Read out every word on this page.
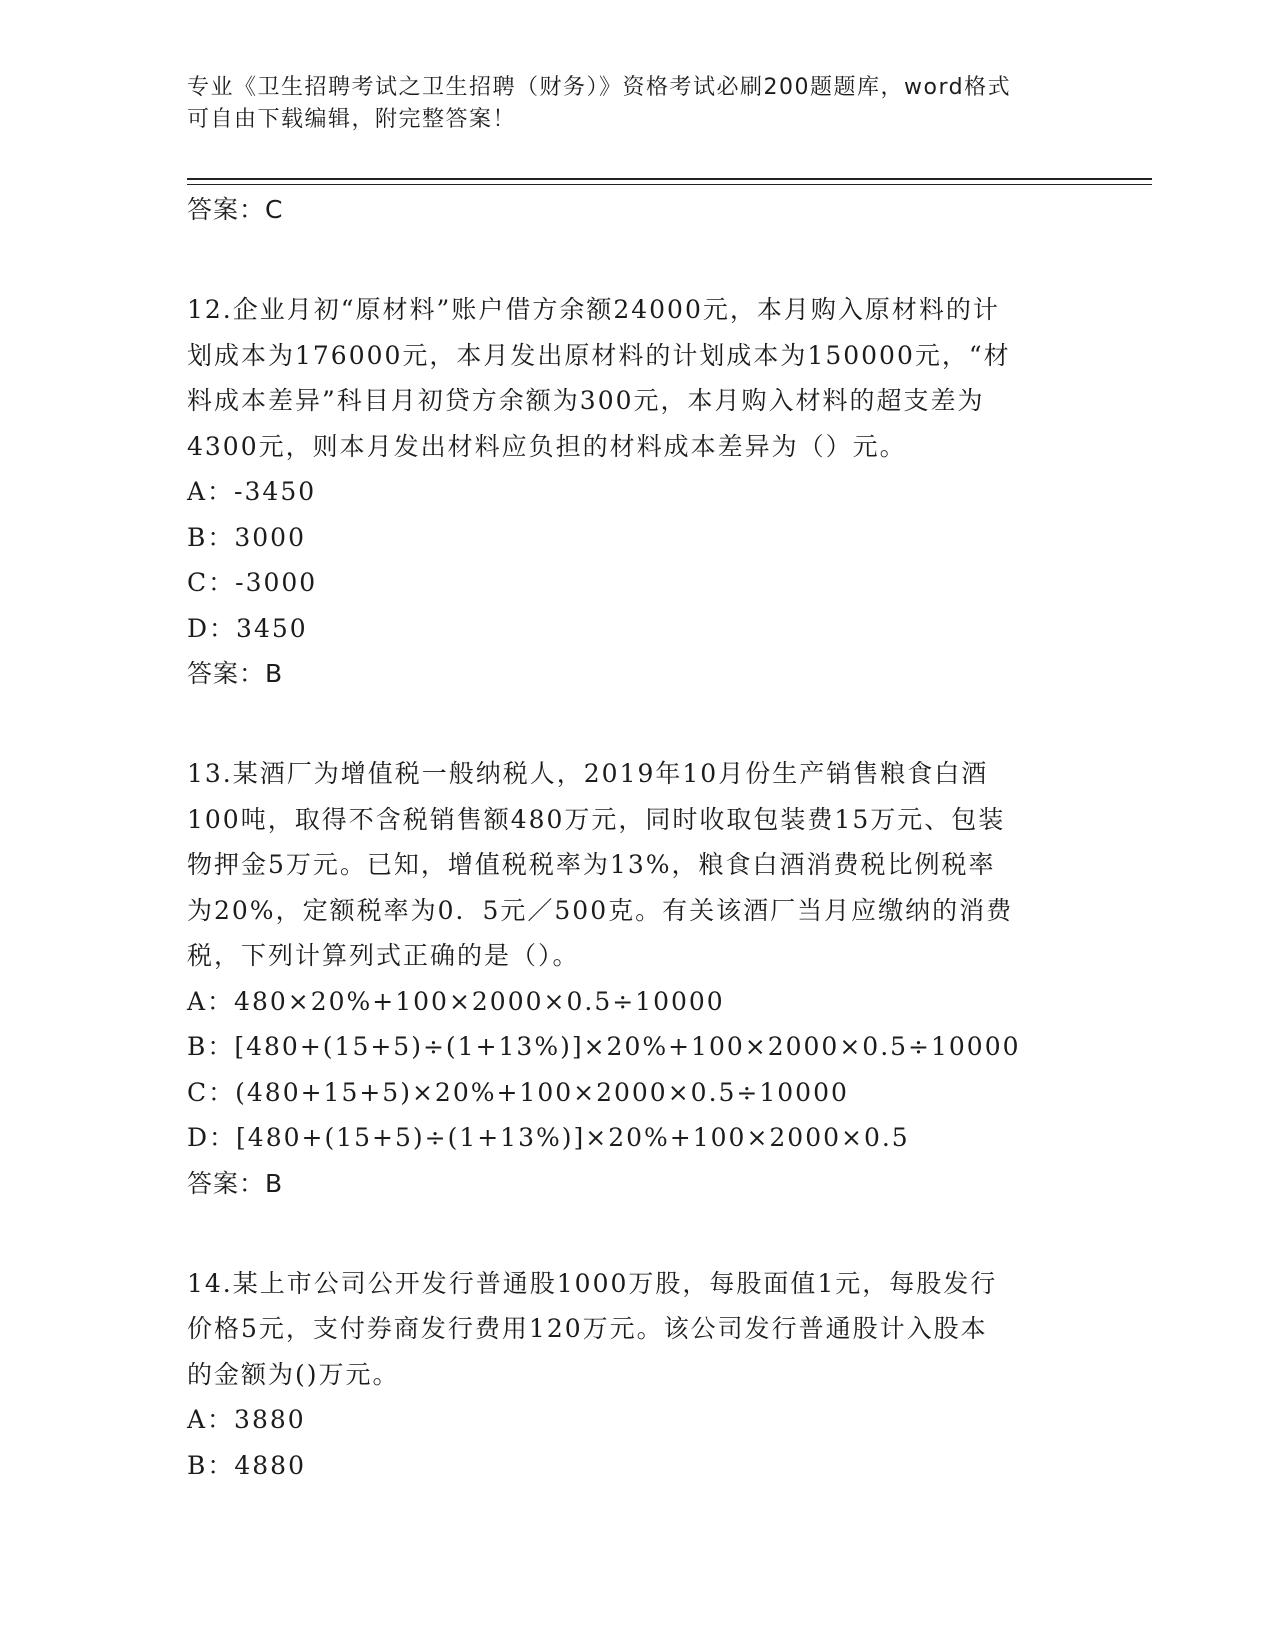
专业《卫生招聘考试之卫生招聘（财务）》资格考试必刷200题题库，word格式
可自由下载编辑，附完整答案！
答案：C
12.企业月初“原材料”账户借方余额24000元，本月购入原材料的计
划成本为176000元，本月发出原材料的计划成本为150000元，“材
料成本差异”科目月初贷方余额为300元，本月购入材料的超支差为
4300元，则本月发出材料应负担的材料成本差异为（）元。
A：-3450
B：3000
C：-3000
D：3450
答案：B
13.某酒厂为增值税一般纳税人，2019年10月份生产销售粮食白酒
100吨，取得不含税销售额480万元，同时收取包装费15万元、包装
物押金5万元。已知，增值税税率为13%，粮食白酒消费税比例税率
为20%，定额税率为0．5元／500克。有关该酒厂当月应缴纳的消费
税，下列计算列式正确的是（）。
A：480×20%+100×2000×0.5÷10000
B：[480+(15+5)÷(1+13%)]×20%+100×2000×0.5÷10000
C：(480+15+5)×20%+100×2000×0.5÷10000
D：[480+(15+5)÷(1+13%)]×20%+100×2000×0.5
答案：B
14.某上市公司公开发行普通股1000万股，每股面值1元，每股发行
价格5元，支付券商发行费用120万元。该公司发行普通股计入股本
的金额为()万元。
A：3880
B：4880
